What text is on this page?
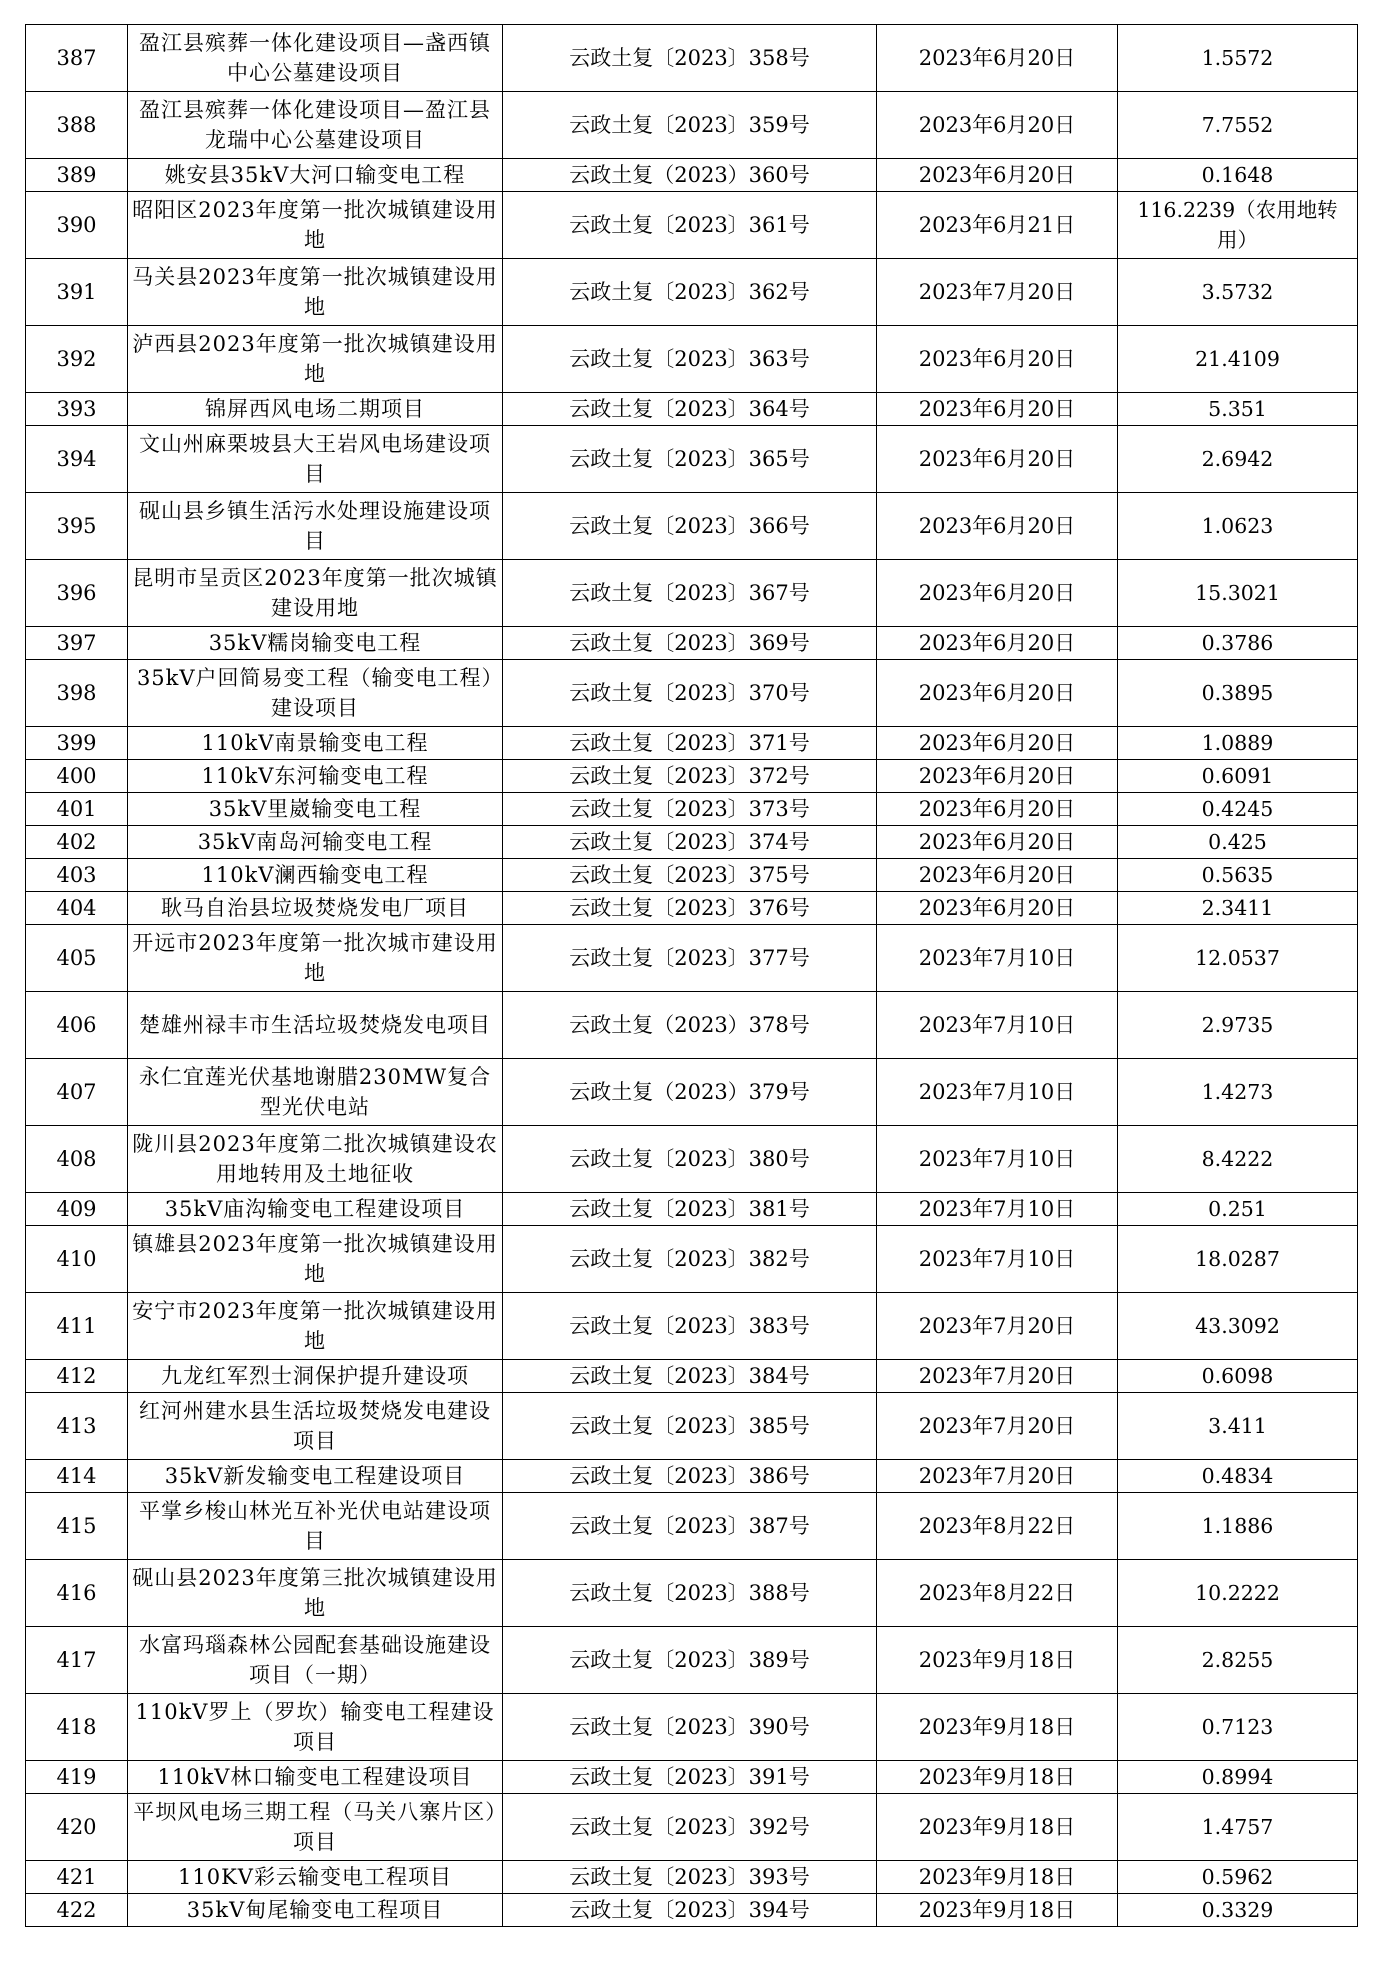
387	盈江县殡葬一体化建设项目—盏西镇中心公墓建设项目	云政土复〔2023〕358号	2023年6月20日	1.5572
388	盈江县殡葬一体化建设项目—盈江县龙瑞中心公墓建设项目	云政土复〔2023〕359号	2023年6月20日	7.7552
389	姚安县35kV大河口输变电工程	云政土复（2023）360号	2023年6月20日	0.1648
390	昭阳区2023年度第一批次城镇建设用地	云政土复〔2023〕361号	2023年6月21日	116.2239（农用地转用）
391	马关县2023年度第一批次城镇建设用地	云政土复〔2023〕362号	2023年7月20日	3.5732
392	泸西县2023年度第一批次城镇建设用地	云政土复〔2023〕363号	2023年6月20日	21.4109
393	锦屏西风电场二期项目	云政土复〔2023〕364号	2023年6月20日	5.351
394	文山州麻栗坡县大王岩风电场建设项目	云政土复〔2023〕365号	2023年6月20日	2.6942
395	砚山县乡镇生活污水处理设施建设项目	云政土复〔2023〕366号	2023年6月20日	1.0623
396	昆明市呈贡区2023年度第一批次城镇建设用地	云政土复〔2023〕367号	2023年6月20日	15.3021
397	35kV糯岗输变电工程	云政土复〔2023〕369号	2023年6月20日	0.3786
398	35kV户回简易变工程（输变电工程）建设项目	云政土复〔2023〕370号	2023年6月20日	0.3895
399	110kV南景输变电工程	云政土复〔2023〕371号	2023年6月20日	1.0889
400	110kV东河输变电工程	云政土复〔2023〕372号	2023年6月20日	0.6091
401	35kV里崴输变电工程	云政土复〔2023〕373号	2023年6月20日	0.4245
402	35kV南岛河输变电工程	云政土复〔2023〕374号	2023年6月20日	0.425
403	110kV澜西输变电工程	云政土复〔2023〕375号	2023年6月20日	0.5635
404	耿马自治县垃圾焚烧发电厂项目	云政土复〔2023〕376号	2023年6月20日	2.3411
405	开远市2023年度第一批次城市建设用地	云政土复〔2023〕377号	2023年7月10日	12.0537
406	楚雄州禄丰市生活垃圾焚烧发电项目	云政土复（2023）378号	2023年7月10日	2.9735
407	永仁宜莲光伏基地谢腊230MW复合型光伏电站	云政土复（2023）379号	2023年7月10日	1.4273
408	陇川县2023年度第二批次城镇建设农用地转用及土地征收	云政土复〔2023〕380号	2023年7月10日	8.4222
409	35kV庙沟输变电工程建设项目	云政土复〔2023〕381号	2023年7月10日	0.251
410	镇雄县2023年度第一批次城镇建设用地	云政土复〔2023〕382号	2023年7月10日	18.0287
411	安宁市2023年度第一批次城镇建设用地	云政土复〔2023〕383号	2023年7月20日	43.3092
412	九龙红军烈士洞保护提升建设项	云政土复〔2023〕384号	2023年7月20日	0.6098
413	红河州建水县生活垃圾焚烧发电建设项目	云政土复〔2023〕385号	2023年7月20日	3.411
414	35kV新发输变电工程建设项目	云政土复〔2023〕386号	2023年7月20日	0.4834
415	平掌乡梭山林光互补光伏电站建设项目	云政土复〔2023〕387号	2023年8月22日	1.1886
416	砚山县2023年度第三批次城镇建设用地	云政土复〔2023〕388号	2023年8月22日	10.2222
417	水富玛瑙森林公园配套基础设施建设项目（一期）	云政土复〔2023〕389号	2023年9月18日	2.8255
418	110kV罗上（罗坎）输变电工程建设项目	云政土复〔2023〕390号	2023年9月18日	0.7123
419	110kV林口输变电工程建设项目	云政土复〔2023〕391号	2023年9月18日	0.8994
420	平坝风电场三期工程（马关八寨片区）项目	云政土复〔2023〕392号	2023年9月18日	1.4757
421	110KV彩云输变电工程项目	云政土复〔2023〕393号	2023年9月18日	0.5962
422	35kV甸尾输变电工程项目	云政土复〔2023〕394号	2023年9月18日	0.3329
